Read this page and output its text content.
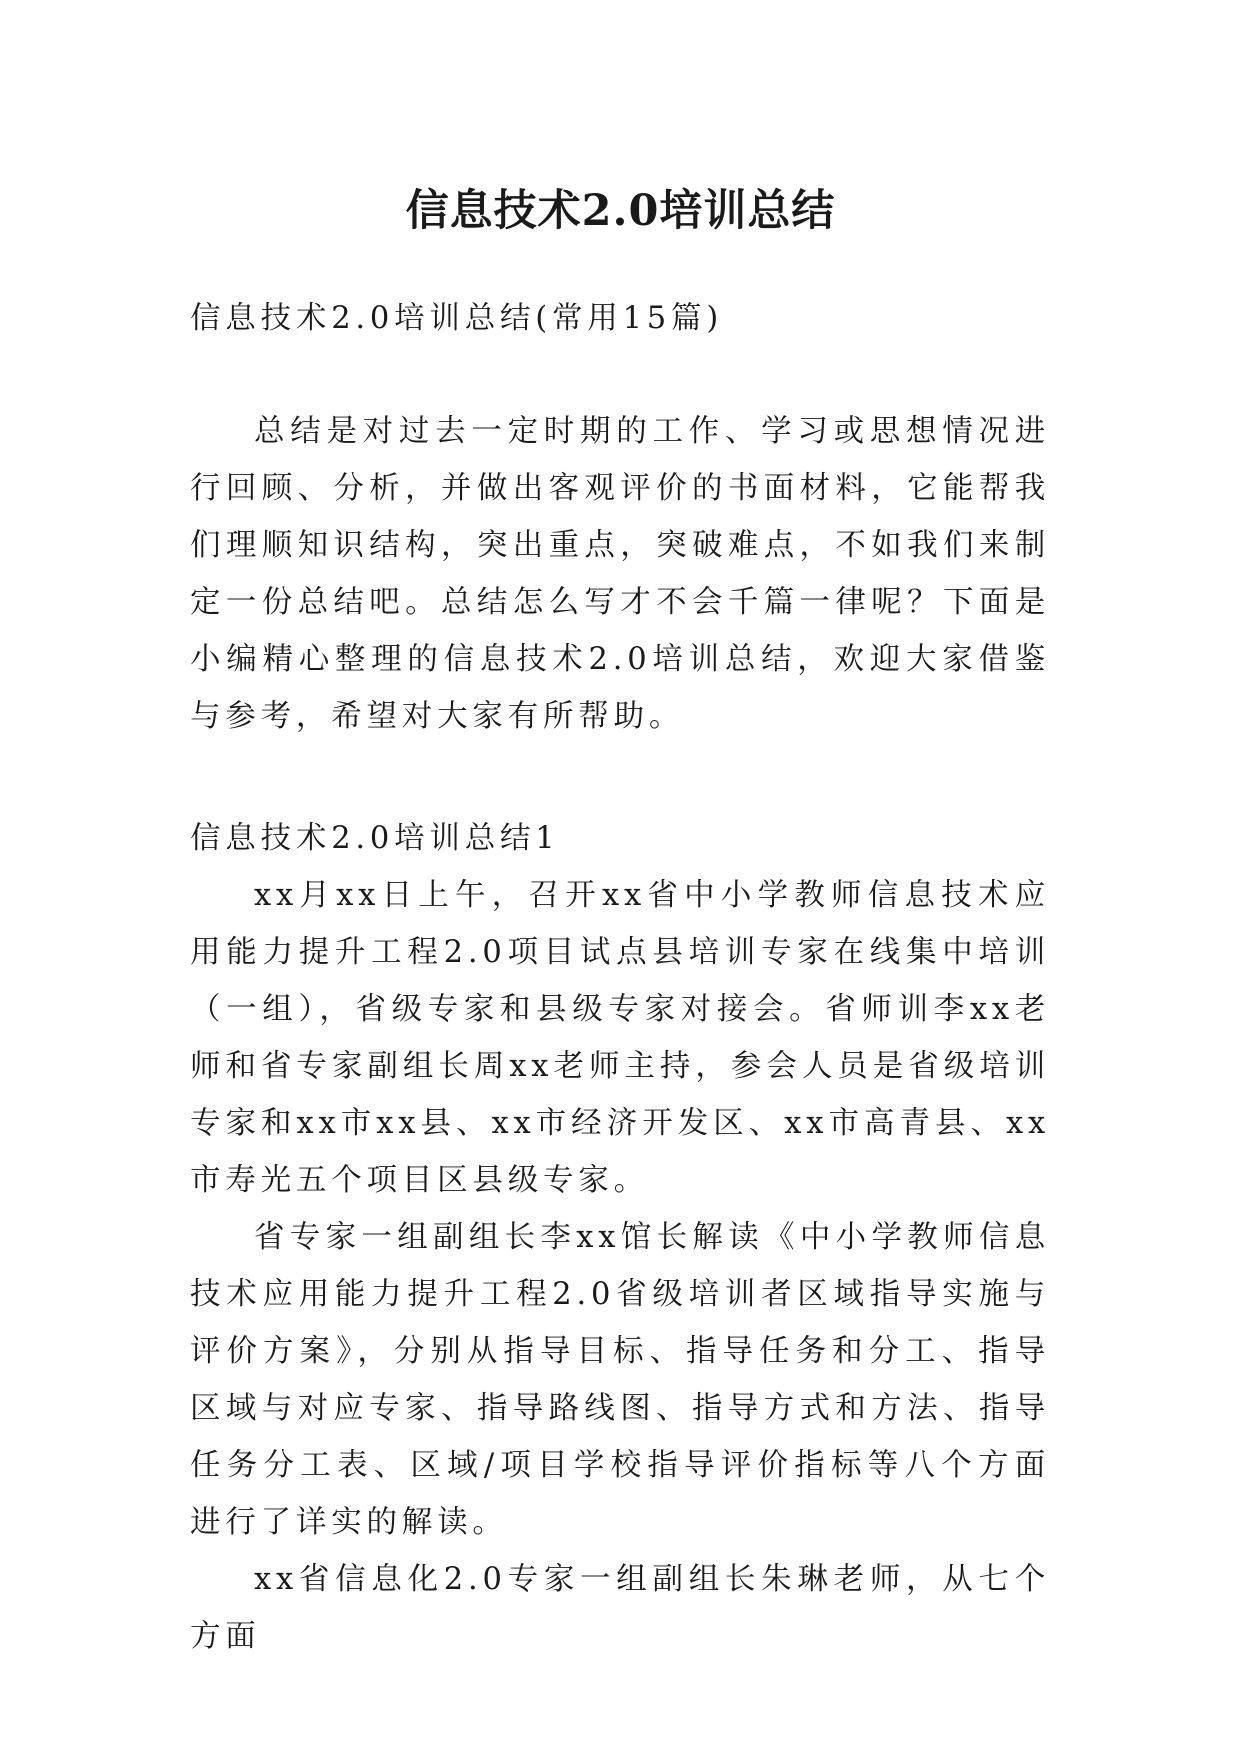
信息技术2.0培训总结

信息技术2.0培训总结(常用15篇)

总结是对过去一定时期的工作、学习或思想情况进行回顾、分析，并做出客观评价的书面材料，它能帮我们理顺知识结构，突出重点，突破难点，不如我们来制定一份总结吧。总结怎么写才不会千篇一律呢？下面是小编精心整理的信息技术2.0培训总结，欢迎大家借鉴与参考，希望对大家有所帮助。

信息技术2.0培训总结1

xx月xx日上午，召开xx省中小学教师信息技术应用能力提升工程2.0项目试点县培训专家在线集中培训（一组），省级专家和县级专家对接会。省师训李xx老师和省专家副组长周xx老师主持，参会人员是省级培训专家和xx市xx县、xx市经济开发区、xx市高青县、xx市寿光五个项目区县级专家。

省专家一组副组长李xx馆长解读《中小学教师信息技术应用能力提升工程2.0省级培训者区域指导实施与评价方案》，分别从指导目标、指导任务和分工、指导区域与对应专家、指导路线图、指导方式和方法、指导任务分工表、区域/项目学校指导评价指标等八个方面进行了详实的解读。

xx省信息化2.0专家一组副组长朱琳老师，从七个方面
